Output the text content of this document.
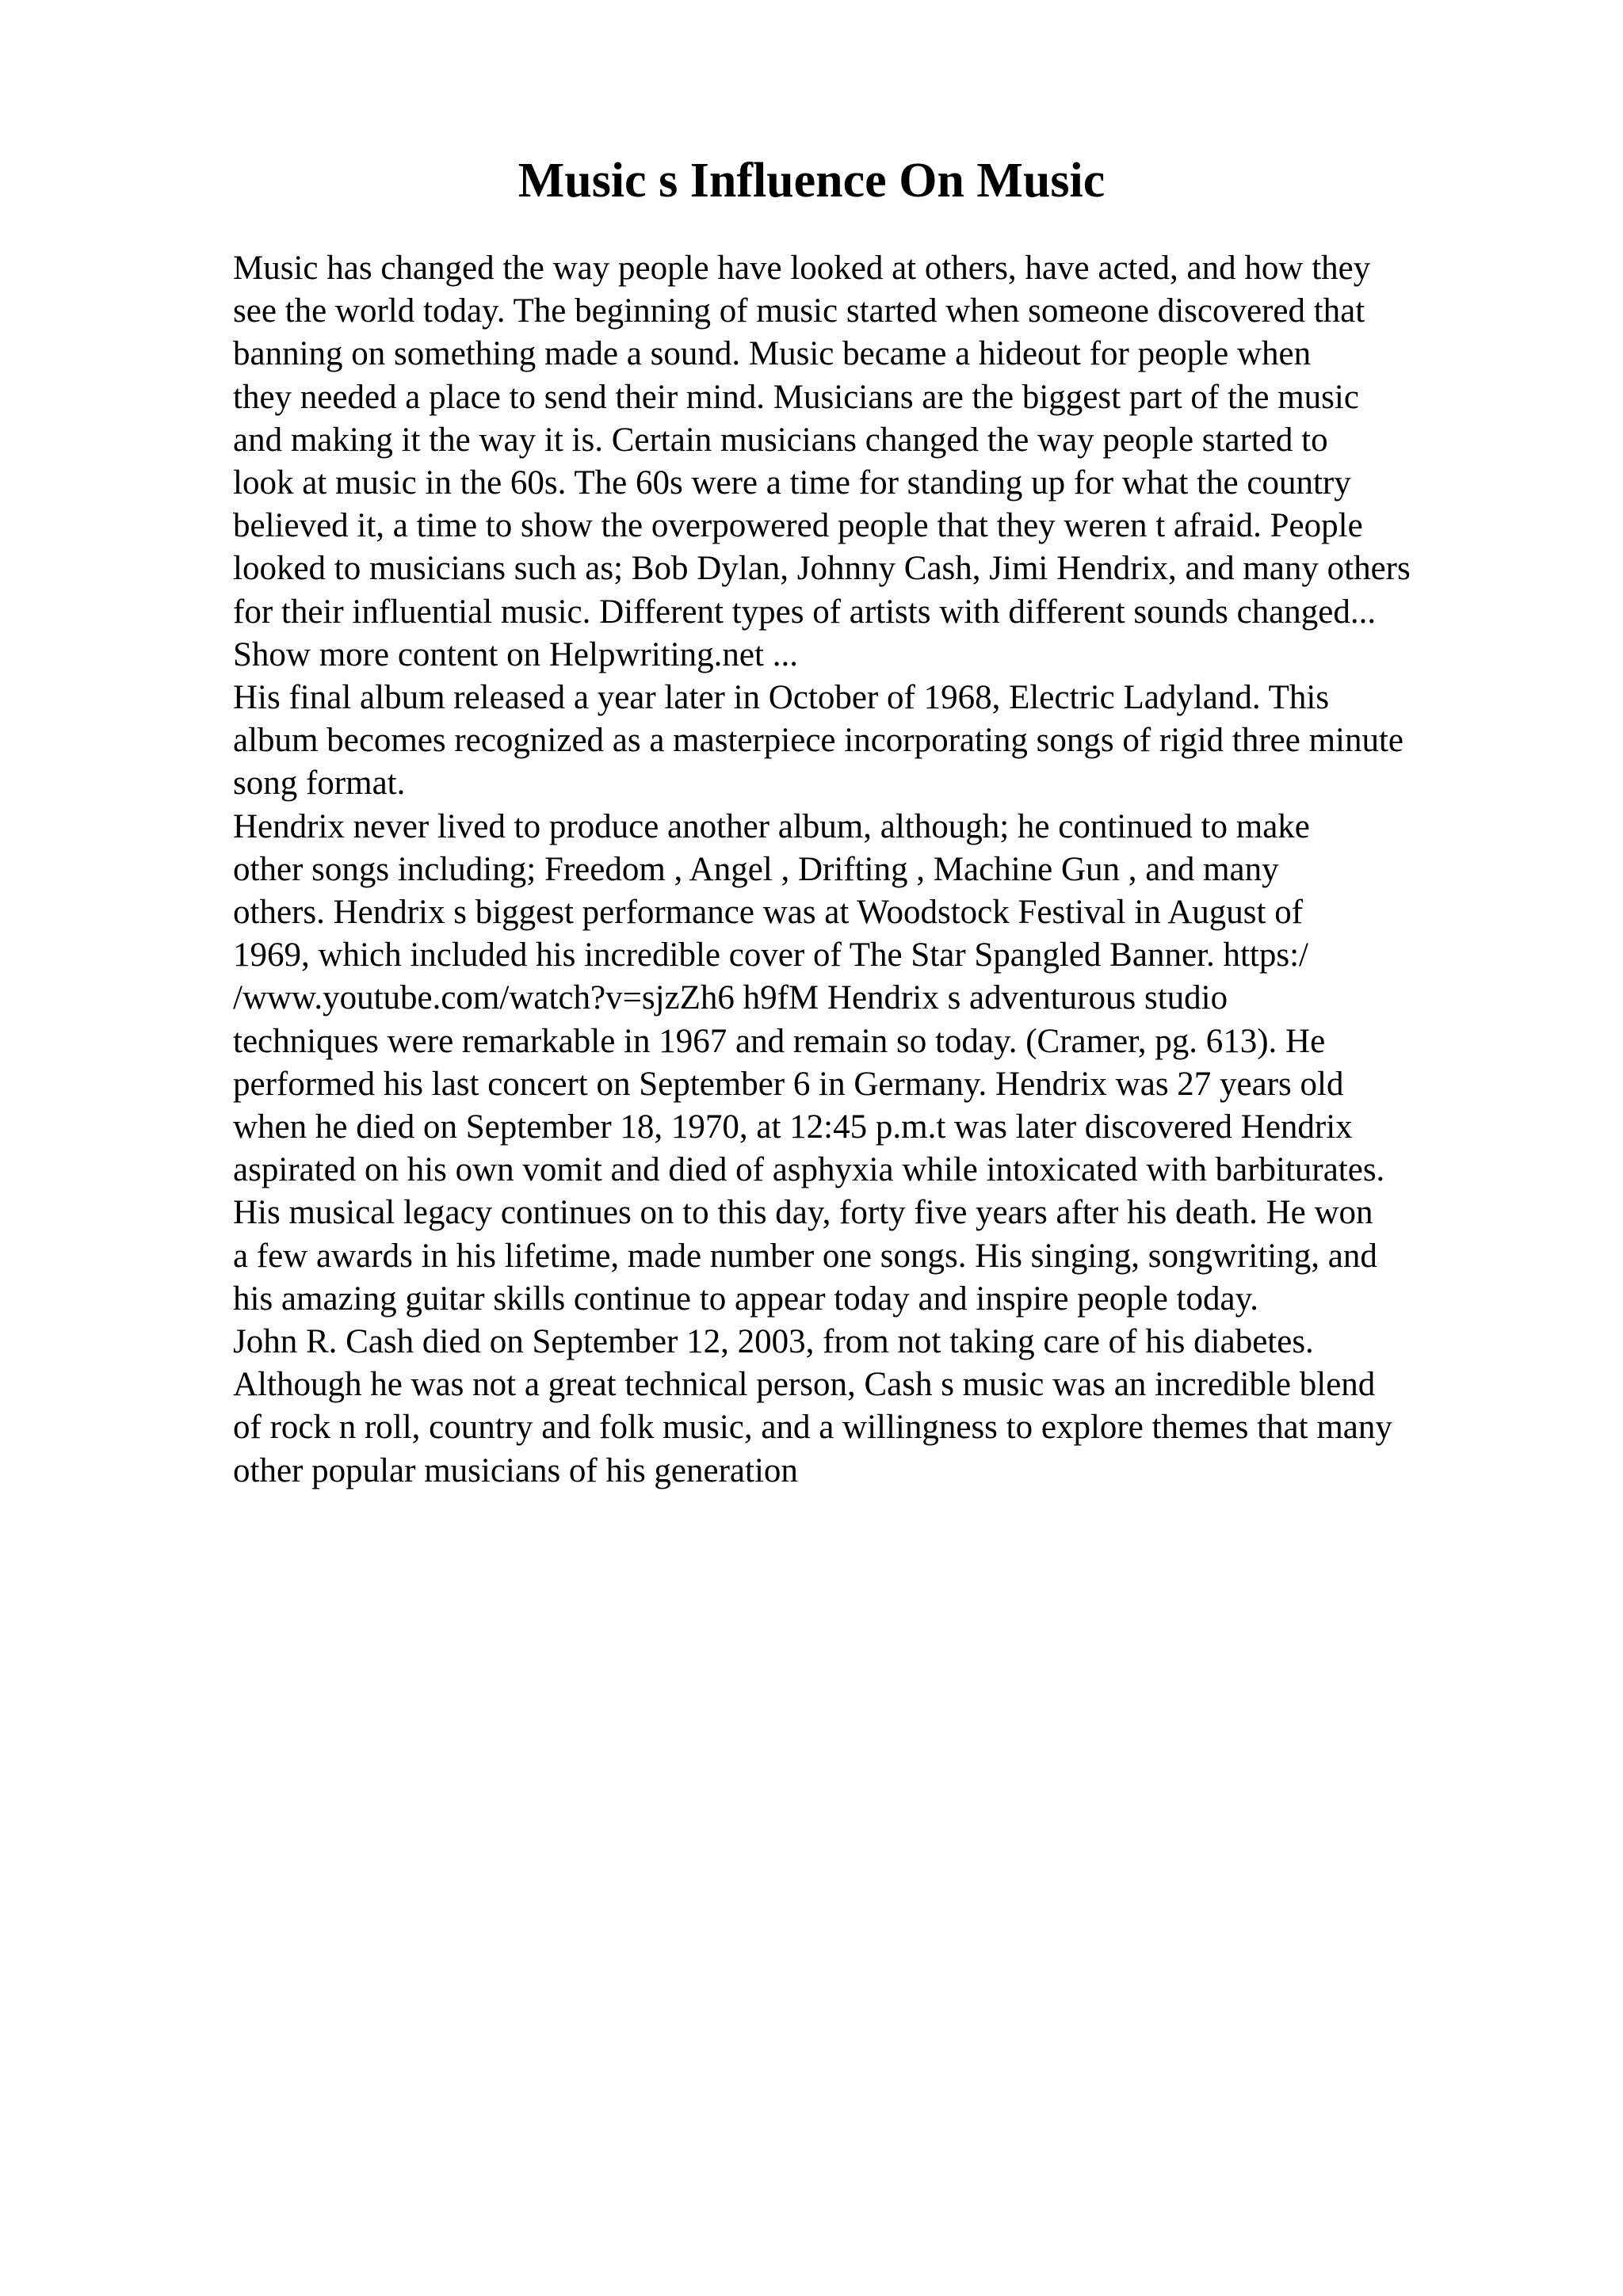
Music s Influence On Music

Music has changed the way people have looked at others, have acted, and how they

see the world today. The beginning of music started when someone discovered that

banning on something made a sound. Music became a hideout for people when

they needed a place to send their mind. Musicians are the biggest part of the music

and making it the way it is. Certain musicians changed the way people started to

look at music in the 60s. The 60s were a time for standing up for what the country

believed it, a time to show the overpowered people that they weren t afraid. People

looked to musicians such as; Bob Dylan, Johnny Cash, Jimi Hendrix, and many others

for their influential music. Different types of artists with different sounds changed...

Show more content on Helpwriting.net ...

His final album released a year later in October of 1968, Electric Ladyland. This

album becomes recognized as a masterpiece incorporating songs of rigid three minute

song format.

Hendrix never lived to produce another album, although; he continued to make

other songs including; Freedom , Angel , Drifting , Machine Gun , and many

others. Hendrix s biggest performance was at Woodstock Festival in August of

1969, which included his incredible cover of The Star Spangled Banner. https:/

/www.youtube.com/watch?v=sjzZh6 h9fM Hendrix s adventurous studio

techniques were remarkable in 1967 and remain so today. (Cramer, pg. 613). He

performed his last concert on September 6 in Germany. Hendrix was 27 years old

when he died on September 18, 1970, at 12:45 p.m.t was later discovered Hendrix

aspirated on his own vomit and died of asphyxia while intoxicated with barbiturates.

His musical legacy continues on to this day, forty five years after his death. He won

a few awards in his lifetime, made number one songs. His singing, songwriting, and

his amazing guitar skills continue to appear today and inspire people today.

John R. Cash died on September 12, 2003, from not taking care of his diabetes.

Although he was not a great technical person, Cash s music was an incredible blend

of rock n roll, country and folk music, and a willingness to explore themes that many

other popular musicians of his generation
